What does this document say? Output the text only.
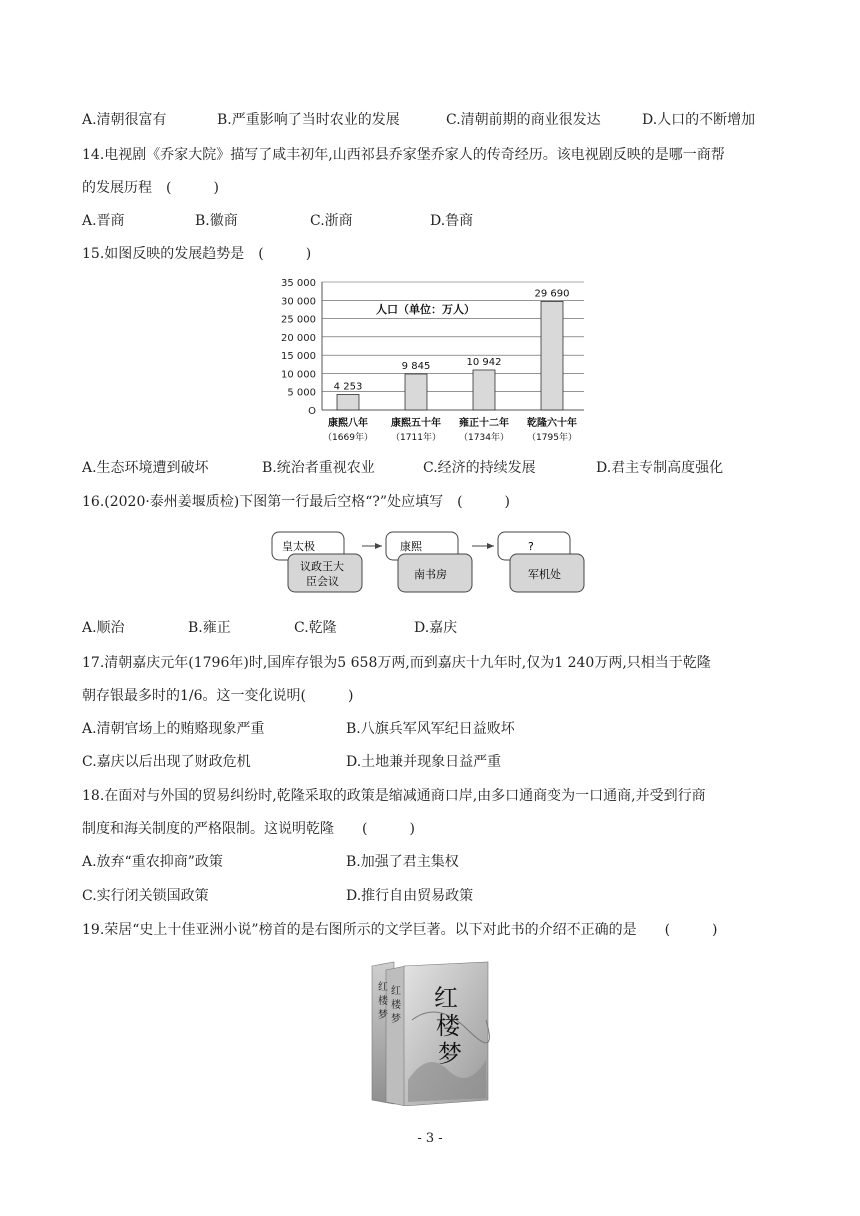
A.清朝很富有	B.严重影响了当时农业的发展	C.清朝前期的商业很发达	D.人口的不断增加
14.电视剧《乔家大院》描写了咸丰初年,山西祁县乔家堡乔家人的传奇经历。该电视剧反映的是哪一商帮
的发展历程　(　　　)
A.晋商	B.徽商	C.浙商	D.鲁商
15.如图反映的发展趋势是　(　　　)
35 000
30 000
25 000
20 000
15 000
10 000
5 000
O
人口（单位：万人）
4 253
康熙八年
（1669年）
9 845
康熙五十年
（1711年）
10 942
雍正十二年
（1734年）
29 690
乾隆六十年
（1795年）
A.生态环境遭到破坏	B.统治者重视农业	C.经济的持续发展	D.君主专制高度强化
16.(2020·泰州姜堰质检)下图第一行最后空格“?”处应填写　(　　　)
皇太极
议政王大
臣会议
康熙
南书房
?
军机处
A.顺治	B.雍正	C.乾隆	D.嘉庆
17.清朝嘉庆元年(1796年)时,国库存银为5 658万两,而到嘉庆十九年时,仅为1 240万两,只相当于乾隆
朝存银最多时的1/6。这一变化说明(　　　)
A.清朝官场上的贿赂现象严重	B.八旗兵军风军纪日益败坏
C.嘉庆以后出现了财政危机	D.土地兼并现象日益严重
18.在面对与外国的贸易纠纷时,乾隆采取的政策是缩减通商口岸,由多口通商变为一口通商,并受到行商
制度和海关制度的严格限制。这说明乾隆　　(　　　)
A.放弃“重农抑商”政策	B.加强了君主集权
C.实行闭关锁国政策	D.推行自由贸易政策
19.荣居“史上十佳亚洲小说”榜首的是右图所示的文学巨著。以下对此书的介绍不正确的是　　(　　　)
红
楼
梦
红
楼
梦
红
楼
梦
- 3 -
